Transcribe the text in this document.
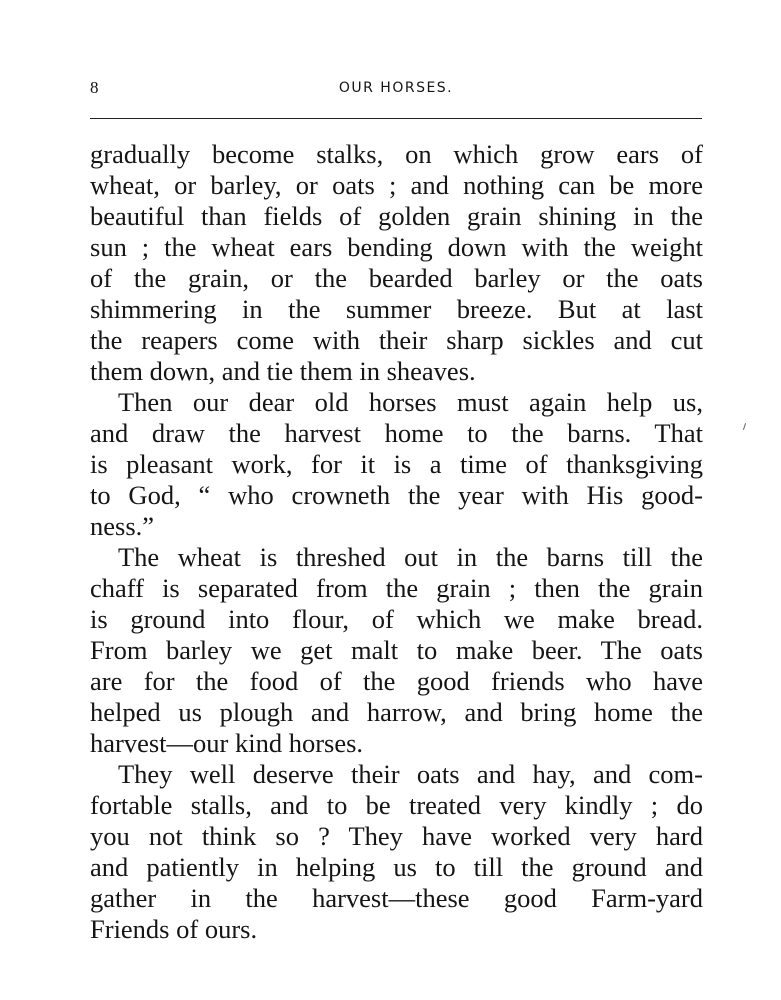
8	OUR HORSES.
gradually become stalks, on which grow ears of
wheat, or barley, or oats ; and nothing can be more
beautiful than fields of golden grain shining in the
sun ; the wheat ears bending down with the weight
of the grain, or the bearded barley or the oats
shimmering in the summer breeze. But at last
the reapers come with their sharp sickles and cut
them down, and tie them in sheaves.
Then our dear old horses must again help us,
and draw the harvest home to the barns. That
is pleasant work, for it is a time of thanksgiving
to God, “ who crowneth the year with His good-
ness.”
The wheat is threshed out in the barns till the
chaff is separated from the grain ; then the grain
is ground into flour, of which we make bread.
From barley we get malt to make beer. The oats
are for the food of the good friends who have
helped us plough and harrow, and bring home the
harvest—our kind horses.
They well deserve their oats and hay, and com-
fortable stalls, and to be treated very kindly ; do
you not think so ? They have worked very hard
and patiently in helping us to till the ground and
gather in the harvest—these good Farm-yard
Friends of ours.
